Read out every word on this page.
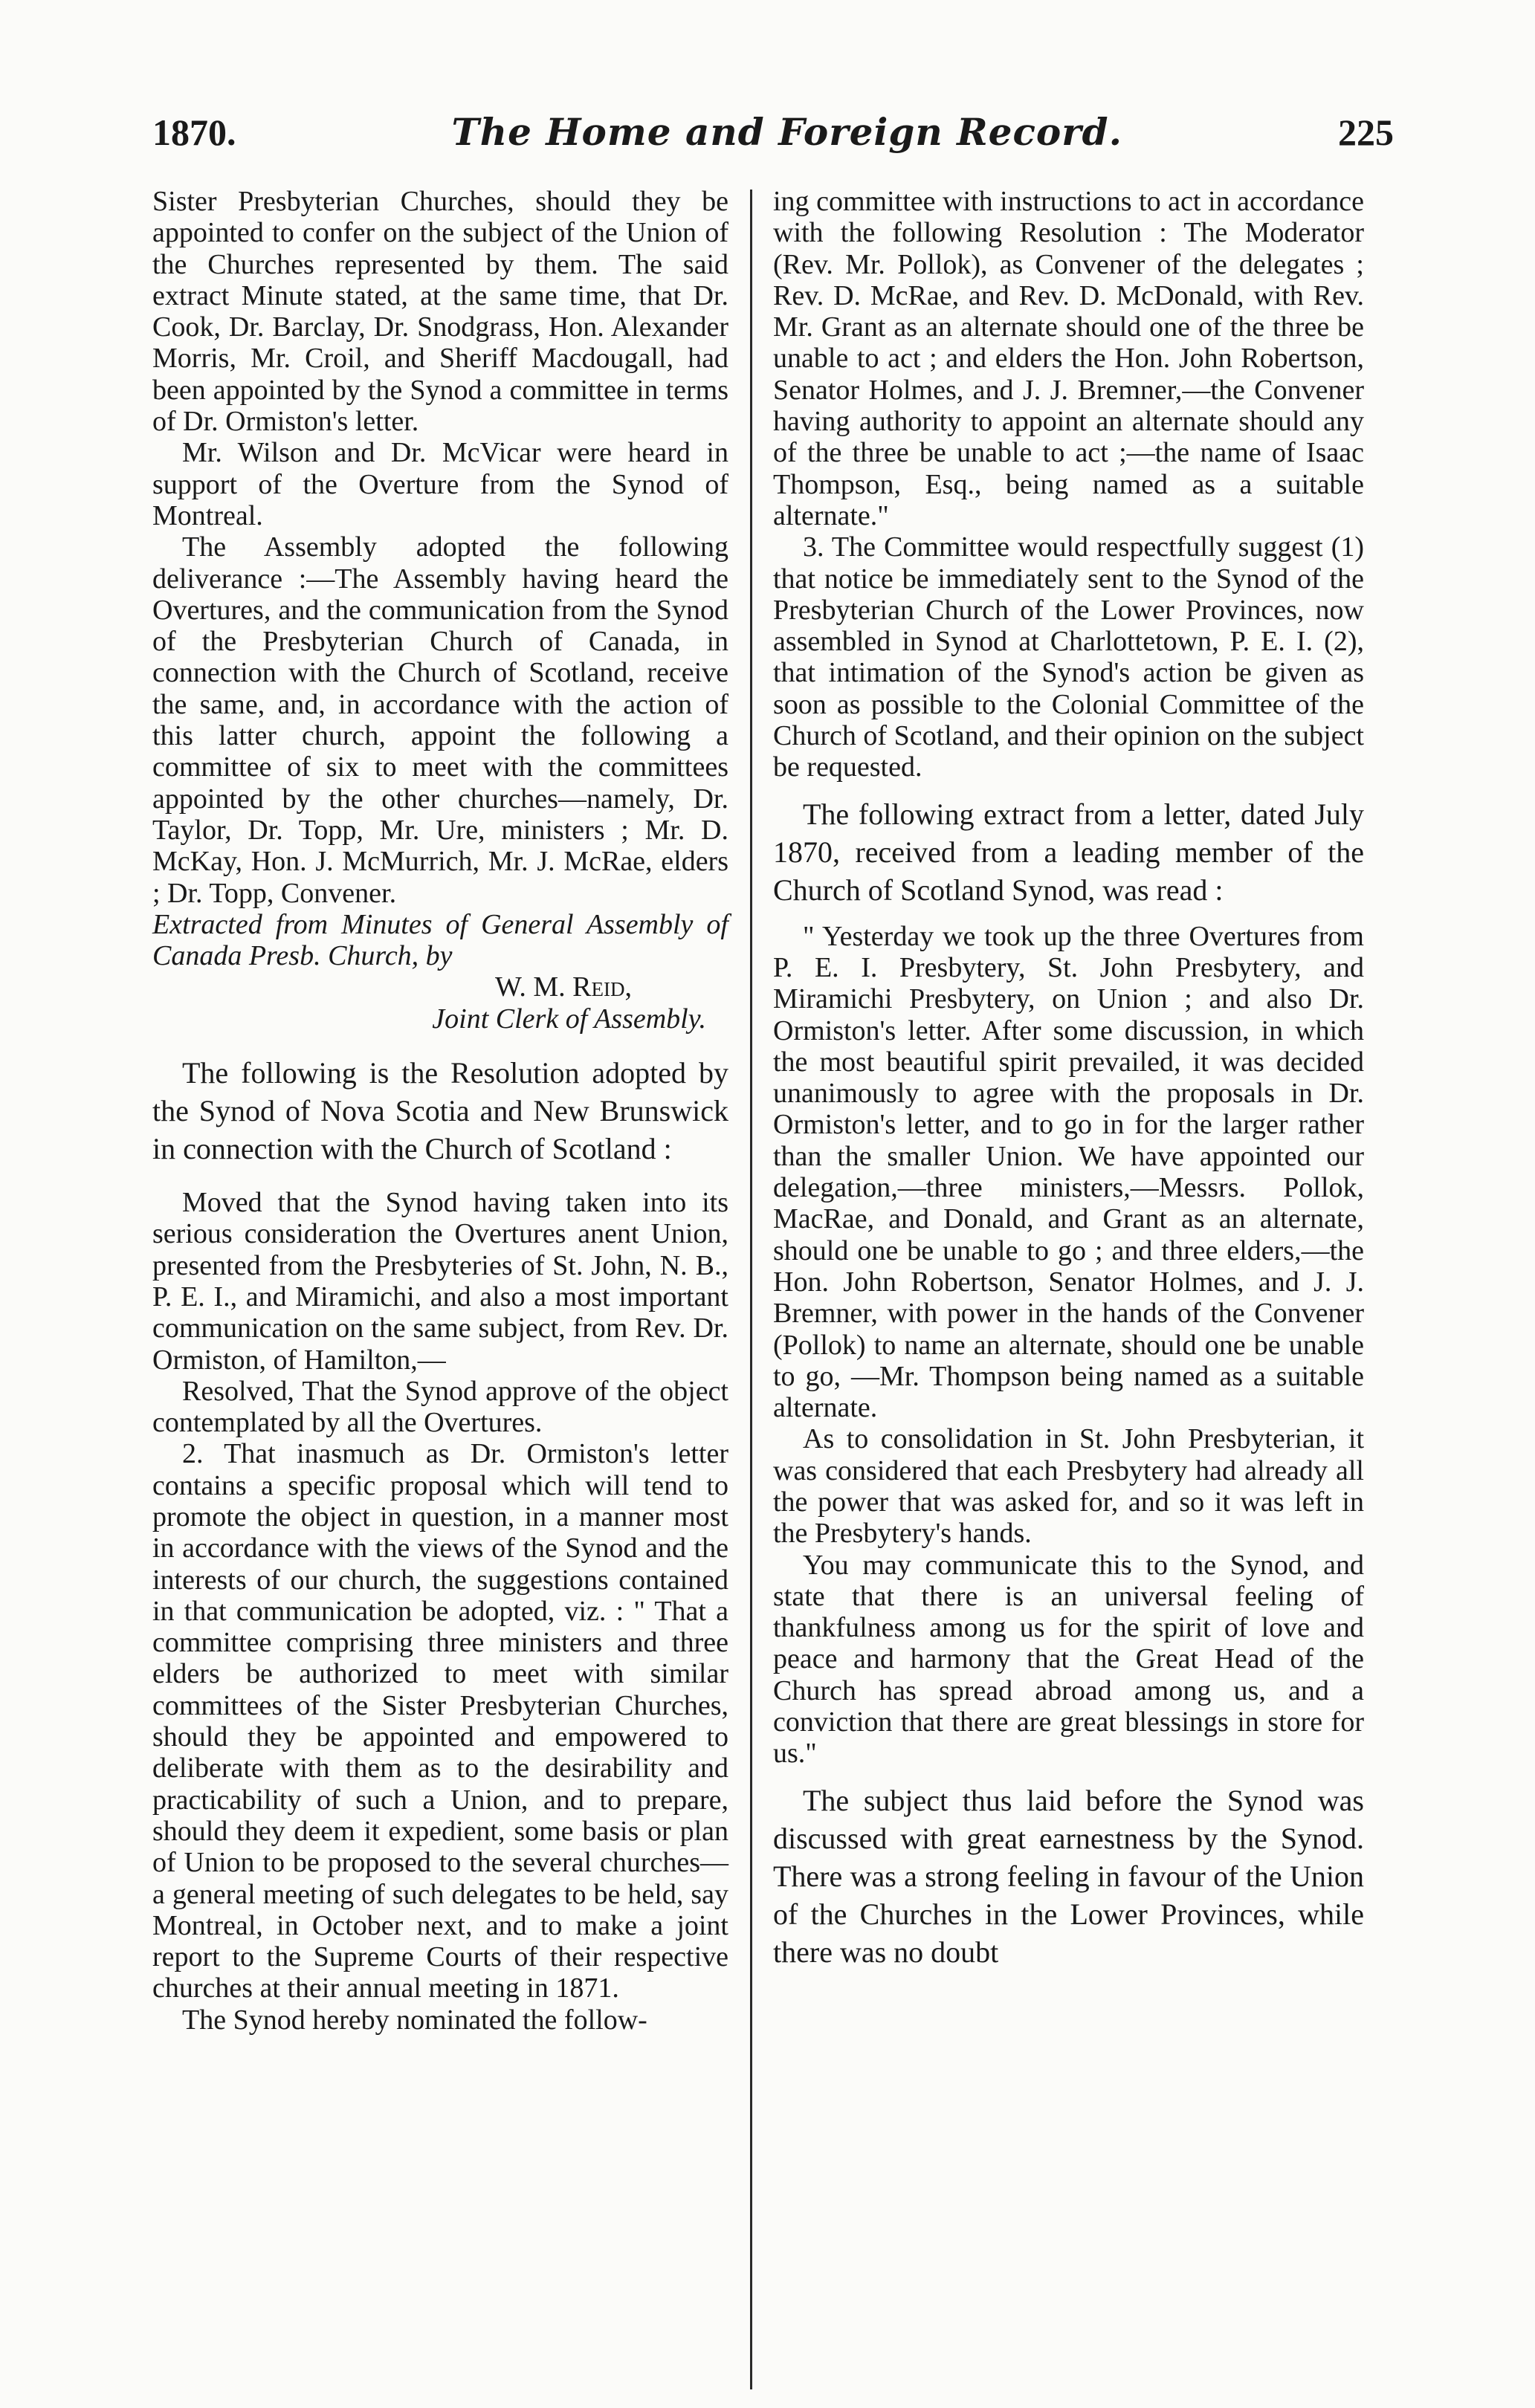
1870.	The Home and Foreign Record.	225

Sister Presbyterian Churches, should they be appointed to confer on the subject of the Union of the Churches represented by them. The said extract Minute stated, at the same time, that Dr. Cook, Dr. Barclay, Dr. Snodgrass, Hon. Alexander Morris, Mr. Croil, and Sheriff Macdougall, had been appointed by the Synod a committee in terms of Dr. Ormiston's letter.

Mr. Wilson and Dr. McVicar were heard in support of the Overture from the Synod of Montreal.

The Assembly adopted the following deliverance :—The Assembly having heard the Overtures, and the communication from the Synod of the Presbyterian Church of Canada, in connection with the Church of Scotland, receive the same, and, in accordance with the action of this latter church, appoint the following a committee of six to meet with the committees appointed by the other churches—namely, Dr. Taylor, Dr. Topp, Mr. Ure, ministers ; Mr. D. McKay, Hon. J. McMurrich, Mr. J. McRae, elders ; Dr. Topp, Convener.

Extracted from Minutes of General Assembly of Canada Presb. Church, by

W. M. Reid,

Joint Clerk of Assembly.

The following is the Resolution adopted by the Synod of Nova Scotia and New Brunswick in connection with the Church of Scotland :

Moved that the Synod having taken into its serious consideration the Overtures anent Union, presented from the Presbyteries of St. John, N. B., P. E. I., and Miramichi, and also a most important communication on the same subject, from Rev. Dr. Ormiston, of Hamilton,—

Resolved, That the Synod approve of the object contemplated by all the Overtures.

2. That inasmuch as Dr. Ormiston's letter contains a specific proposal which will tend to promote the object in question, in a manner most in accordance with the views of the Synod and the interests of our church, the suggestions contained in that communication be adopted, viz. : " That a committee comprising three ministers and three elders be authorized to meet with similar committees of the Sister Presbyterian Churches, should they be appointed and empowered to deliberate with them as to the desirability and practicability of such a Union, and to prepare, should they deem it expedient, some basis or plan of Union to be proposed to the several churches—a general meeting of such delegates to be held, say Montreal, in October next, and to make a joint report to the Supreme Courts of their respective churches at their annual meeting in 1871.

The Synod hereby nominated the follow-

ing committee with instructions to act in accordance with the following Resolution : The Moderator (Rev. Mr. Pollok), as Convener of the delegates ; Rev. D. McRae, and Rev. D. McDonald, with Rev. Mr. Grant as an alternate should one of the three be unable to act ; and elders the Hon. John Robertson, Senator Holmes, and J. J. Bremner,—the Convener having authority to appoint an alternate should any of the three be unable to act ;—the name of Isaac Thompson, Esq., being named as a suitable alternate."

3. The Committee would respectfully suggest (1) that notice be immediately sent to the Synod of the Presbyterian Church of the Lower Provinces, now assembled in Synod at Charlottetown, P. E. I. (2), that intimation of the Synod's action be given as soon as possible to the Colonial Committee of the Church of Scotland, and their opinion on the subject be requested.

The following extract from a letter, dated July 1870, received from a leading member of the Church of Scotland Synod, was read :

" Yesterday we took up the three Overtures from P. E. I. Presbytery, St. John Presbytery, and Miramichi Presbytery, on Union ; and also Dr. Ormiston's letter. After some discussion, in which the most beautiful spirit prevailed, it was decided unanimously to agree with the proposals in Dr. Ormiston's letter, and to go in for the larger rather than the smaller Union. We have appointed our delegation,—three ministers,—Messrs. Pollok, MacRae, and Donald, and Grant as an alternate, should one be unable to go ; and three elders,—the Hon. John Robertson, Senator Holmes, and J. J. Bremner, with power in the hands of the Convener (Pollok) to name an alternate, should one be unable to go, —Mr. Thompson being named as a suitable alternate.

As to consolidation in St. John Presbyterian, it was considered that each Presbytery had already all the power that was asked for, and so it was left in the Presbytery's hands.

You may communicate this to the Synod, and state that there is an universal feeling of thankfulness among us for the spirit of love and peace and harmony that the Great Head of the Church has spread abroad among us, and a conviction that there are great blessings in store for us."

The subject thus laid before the Synod was discussed with great earnestness by the Synod. There was a strong feeling in favour of the Union of the Churches in the Lower Provinces, while there was no doubt
